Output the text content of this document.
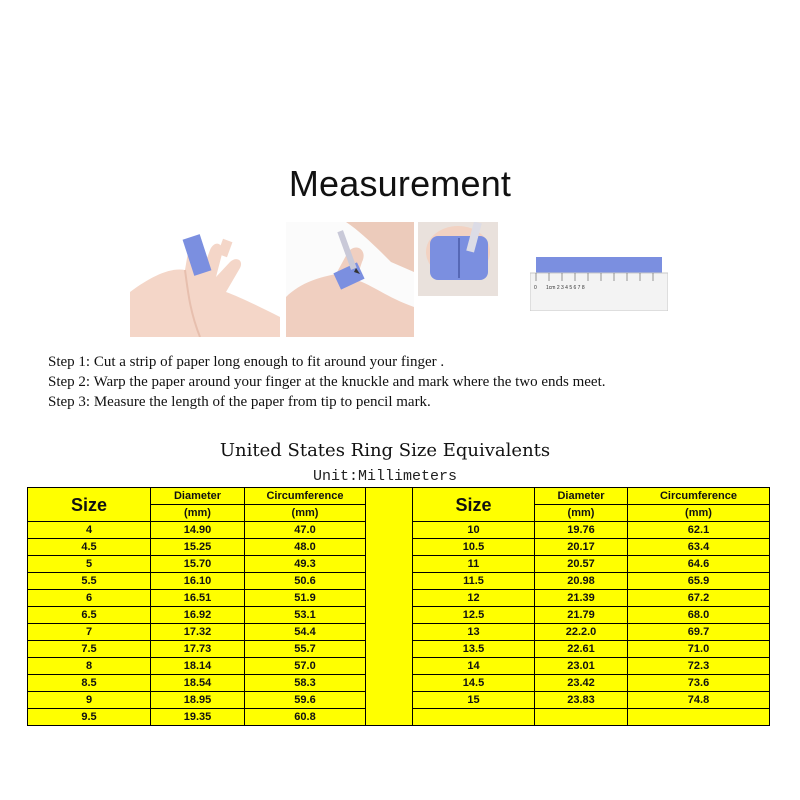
Measurement
0 1cm 2 3 4 5 6 7 8
Step 1: Cut a strip of paper long enough to fit around your finger .
Step 2: Warp the paper around your finger at the knuckle and mark where the two ends meet.
Step 3: Measure the length of the paper from tip to pencil mark.
United States Ring Size Equivalents
Unit:Millimeters
Size	Diameter	Circumference		Size	Diameter	Circumference
	(mm)	(mm)			(mm)	(mm)
4	14.90	47.0		10	19.76	62.1
4.5	15.25	48.0		10.5	20.17	63.4
5	15.70	49.3		11	20.57	64.6
5.5	16.10	50.6		11.5	20.98	65.9
6	16.51	51.9		12	21.39	67.2
6.5	16.92	53.1		12.5	21.79	68.0
7	17.32	54.4		13	22.2.0	69.7
7.5	17.73	55.7		13.5	22.61	71.0
8	18.14	57.0		14	23.01	72.3
8.5	18.54	58.3		14.5	23.42	73.6
9	18.95	59.6		15	23.83	74.8
9.5	19.35	60.8				
